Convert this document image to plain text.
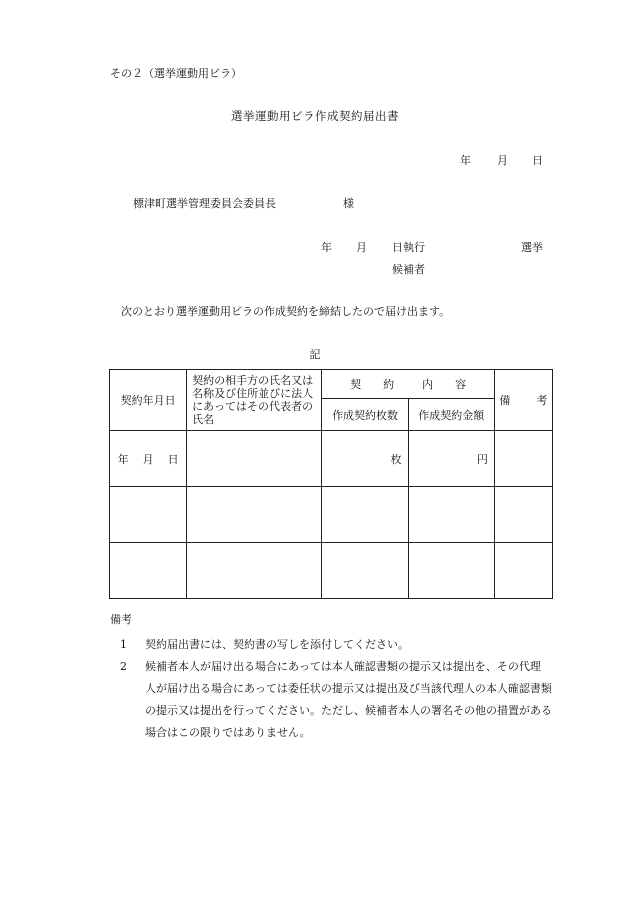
その２（選挙運動用ビラ）
選挙運動用ビラ作成契約届出書
年 月 日
標津町選挙管理委員会委員長	様
年 月 日執行	選挙
候補者
次のとおり選挙運動用ビラの作成契約を締結したので届け出ます。
記
契約年月日	契約の相手方の氏名又は名称及び住所並びに法人にあってはその代表者の氏名	契 約 内 容		備 考
		作成契約枚数	作成契約金額	
年 月 日		枚	円	

備考
1 契約届出書には、契約書の写しを添付してください。
2 候補者本人が届け出る場合にあっては本人確認書類の提示又は提出を、その代理
人が届け出る場合にあっては委任状の提示又は提出及び当該代理人の本人確認書類
の提示又は提出を行ってください。ただし、候補者本人の署名その他の措置がある
場合はこの限りではありません。
